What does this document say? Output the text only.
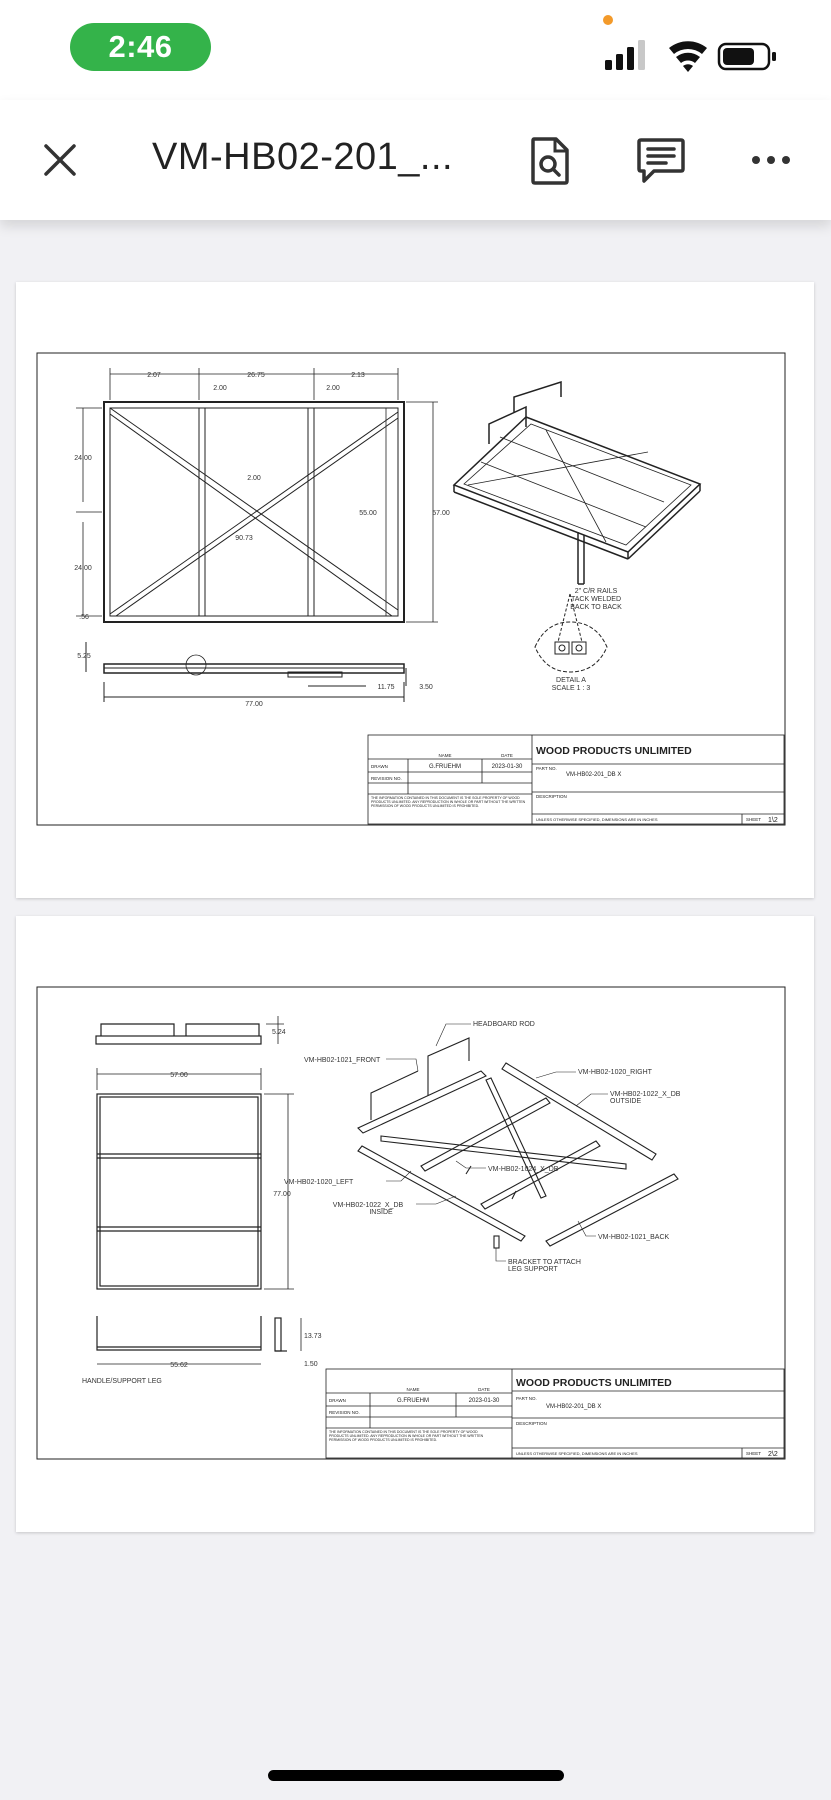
2:46
VM-HB02-201_...
2.07	26.75	2.13
2.00	2.00
24.00
24.00
2.00
90.73
55.00	57.00
.56
5.25
11.75	3.50
77.00
2" C/R RAILS
TACK WELDED
BACK TO BACK
DETAIL A
SCALE 1 : 3
WOOD PRODUCTS UNLIMITED
NAME	DATE
DRAWN	G.FRUEHM	2023-01-30
REVISION NO.
THE INFORMATION CONTAINED IN THIS DOCUMENT IS THE SOLE PROPERTY OF WOOD
PRODUCTS UNLIMITED. ANY REPRODUCTION IN WHOLE OR PART WITHOUT THE WRITTEN
PERMISSION OF WOOD PRODUCTS UNLIMITED IS PROHIBITED.
PART NO.
VM-HB02-201_DB X
DESCRIPTION
UNLESS OTHERWISE SPECIFIED, DIMENSIONS ARE IN INCHES	SHEET 1\2
5.24
57.00
77.00
13.73
55.62	1.50
HEADBOARD ROD
VM-HB02-1021_FRONT
VM-HB02-1020_RIGHT
VM-HB02-1022_X_DB
OUTSIDE
VM-HB02-1020_LEFT
VM-HB02-1024_X_DB
VM-HB02-1022_X_DB
INSIDE
VM-HB02-1021_BACK
BRACKET TO ATTACH
LEG SUPPORT
HANDLE/SUPPORT LEG	WOOD PRODUCTS UNLIMITED
NAME	DATE
DRAWN	G.FRUEHM	2023-01-30
REVISION NO.
THE INFORMATION CONTAINED IN THIS DOCUMENT IS THE SOLE PROPERTY OF WOOD
PRODUCTS UNLIMITED. ANY REPRODUCTION IN WHOLE OR PART WITHOUT THE WRITTEN
PERMISSION OF WOOD PRODUCTS UNLIMITED IS PROHIBITED.
PART NO.
VM-HB02-201_DB X
DESCRIPTION
UNLESS OTHERWISE SPECIFIED, DIMENSIONS ARE IN INCHES	SHEET 2\2
